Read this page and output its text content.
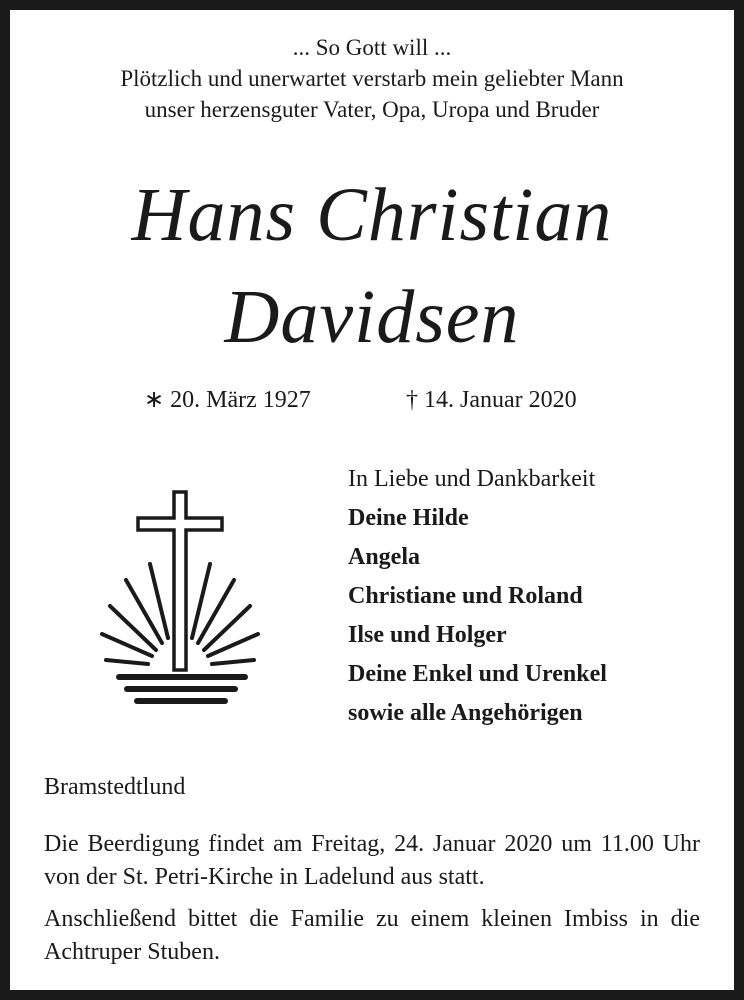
... So Gott will ...
Plötzlich und unerwartet verstarb mein geliebter Mann
unser herzensguter Vater, Opa, Uropa und Bruder
Hans Christian
Davidsen
∗ 20. März 1927	† 14. Januar 2020
In Liebe und Dankbarkeit
Deine Hilde
Angela
Christiane und Roland
Ilse und Holger
Deine Enkel und Urenkel
sowie alle Angehörigen
Bramstedtlund
Die Beerdigung findet am Freitag, 24. Januar 2020 um 11.00 Uhr von der St. Petri-Kirche in Ladelund aus statt.
Anschließend bittet die Familie zu einem kleinen Imbiss in die Achtruper Stuben.
